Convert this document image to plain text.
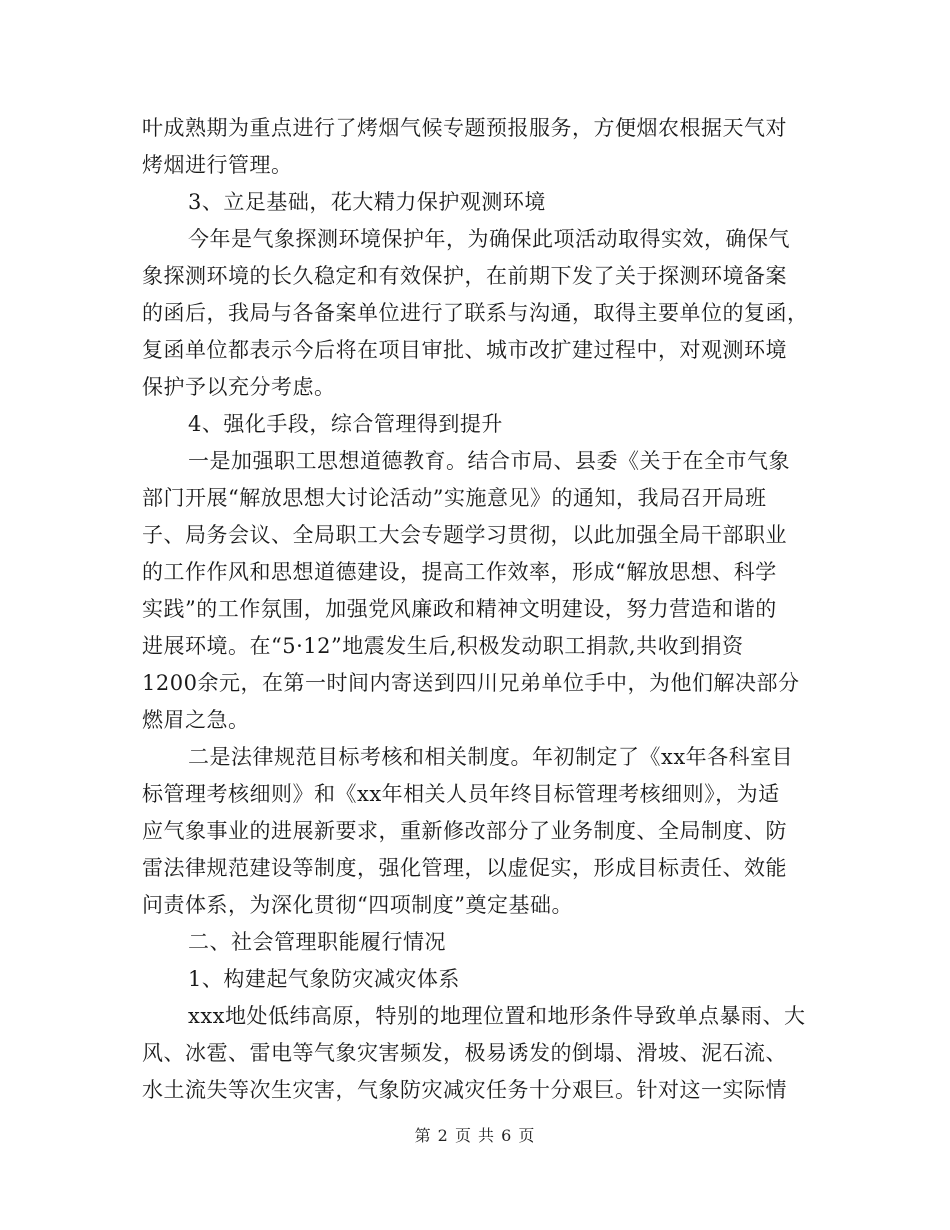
叶成熟期为重点进行了烤烟气候专题预报服务，方便烟农根据天气对
烤烟进行管理。
3、立足基础，花大精力保护观测环境
今年是气象探测环境保护年，为确保此项活动取得实效，确保气
象探测环境的长久稳定和有效保护，在前期下发了关于探测环境备案
的函后，我局与各备案单位进行了联系与沟通，取得主要单位的复函，
复函单位都表示今后将在项目审批、城市改扩建过程中，对观测环境
保护予以充分考虑。
4、强化手段，综合管理得到提升
一是加强职工思想道德教育。结合市局、县委《关于在全市气象
部门开展“解放思想大讨论活动”实施意见》的通知，我局召开局班
子、局务会议、全局职工大会专题学习贯彻，以此加强全局干部职业
的工作作风和思想道德建设，提高工作效率，形成“解放思想、科学
实践”的工作氛围，加强党风廉政和精神文明建设，努力营造和谐的
进展环境。在“5·12”地震发生后,积极发动职工捐款,共收到捐资
1200余元，在第一时间内寄送到四川兄弟单位手中，为他们解决部分
燃眉之急。
二是法律规范目标考核和相关制度。年初制定了《xx年各科室目
标管理考核细则》和《xx年相关人员年终目标管理考核细则》，为适
应气象事业的进展新要求，重新修改部分了业务制度、全局制度、防
雷法律规范建设等制度，强化管理，以虚促实，形成目标责任、效能
问责体系，为深化贯彻“四项制度”奠定基础。
二、社会管理职能履行情况
1、构建起气象防灾减灾体系
xxx地处低纬高原，特别的地理位置和地形条件导致单点暴雨、大
风、冰雹、雷电等气象灾害频发，极易诱发的倒塌、滑坡、泥石流、
水土流失等次生灾害，气象防灾减灾任务十分艰巨。针对这一实际情
第 2 页 共 6 页
